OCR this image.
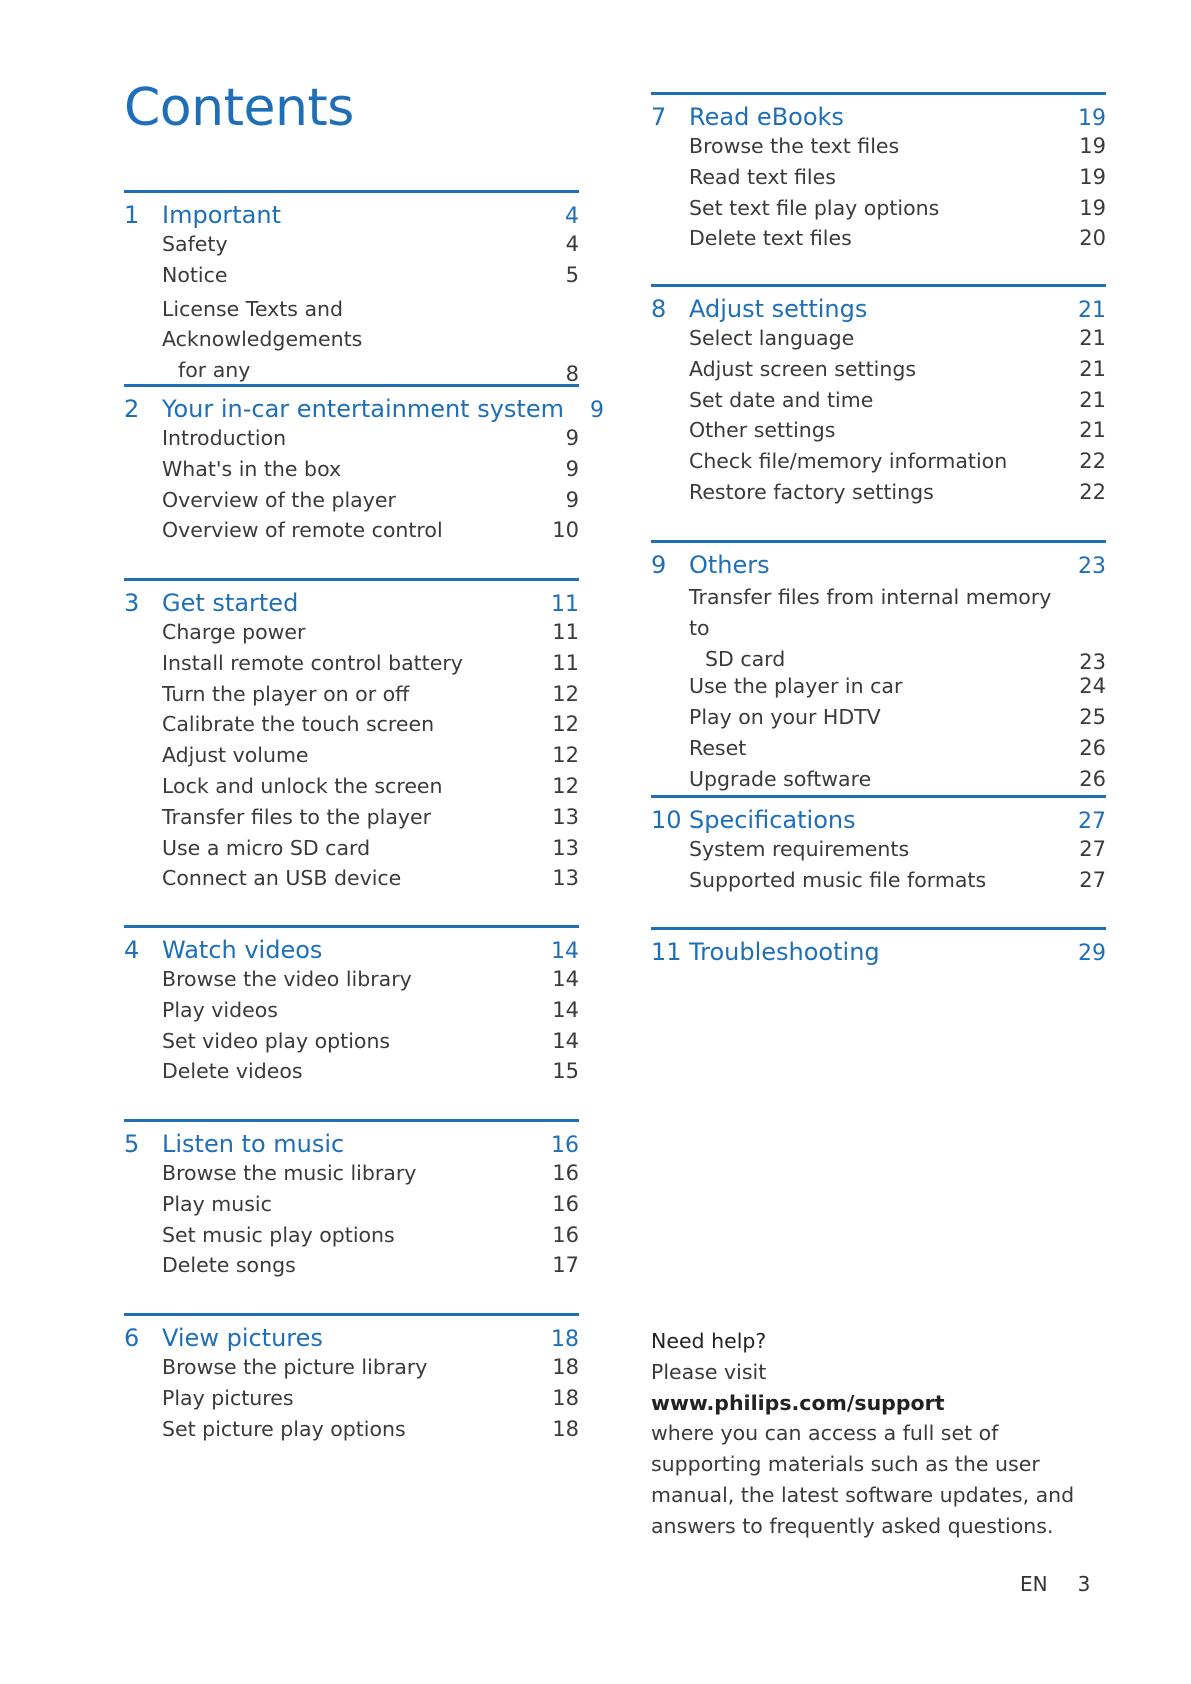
Contents
1 Important	4
Safety	4
Notice	5
License Texts and Acknowledgements
for any	8
2 Your in-car entertainment system	9
Introduction	9
What's in the box	9
Overview of the player	9
Overview of remote control	10
3 Get started	11
Charge power	11
Install remote control battery	11
Turn the player on or off	12
Calibrate the touch screen	12
Adjust volume	12
Lock and unlock the screen	12
Transfer files to the player	13
Use a micro SD card	13
Connect an USB device	13
4 Watch videos	14
Browse the video library	14
Play videos	14
Set video play options	14
Delete videos	15
5 Listen to music	16
Browse the music library	16
Play music	16
Set music play options	16
Delete songs	17
6 View pictures	18
Browse the picture library	18
Play pictures	18
Set picture play options	18
7 Read eBooks	19
Browse the text files	19
Read text files	19
Set text file play options	19
Delete text files	20
8 Adjust settings	21
Select language	21
Adjust screen settings	21
Set date and time	21
Other settings	21
Check file/memory information	22
Restore factory settings	22
9 Others	23
Transfer files from internal memory to
SD card	23
Use the player in car	24
Play on your HDTV	25
Reset	26
Upgrade software	26
10 Specifications	27
System requirements	27
Supported music file formats	27
11 Troubleshooting	29
Need help?
Please visit
www.philips.com/support
where you can access a full set of supporting materials such as the user manual, the latest software updates, and answers to frequently asked questions.
EN 3
